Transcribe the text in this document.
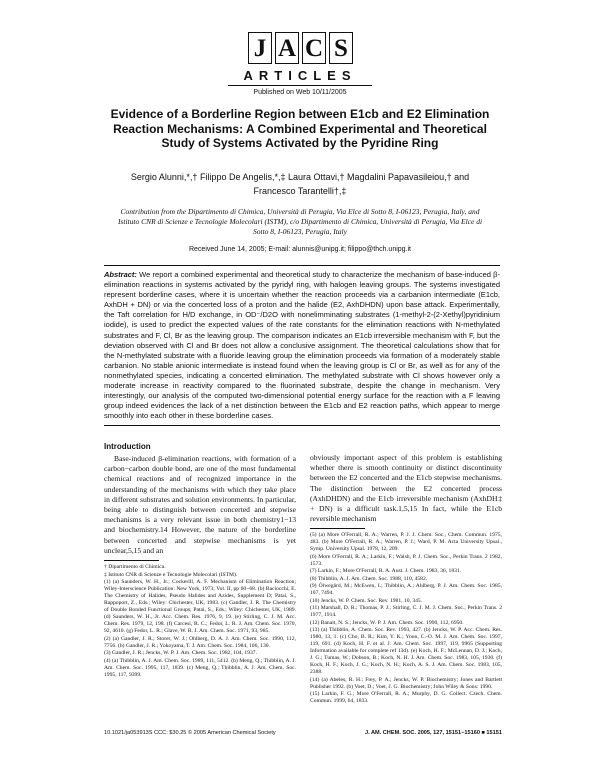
J A C S
ARTICLES
Published on Web 10/11/2005
Evidence of a Borderline Region between E1cb and E2 Elimination Reaction Mechanisms: A Combined Experimental and Theoretical Study of Systems Activated by the Pyridine Ring
Sergio Alunni,*,† Filippo De Angelis,*,‡ Laura Ottavi,† Magdalini Papavasileiou,† and
Francesco Tarantelli†,‡
Contribution from the Dipartimento di Chimica, Università di Perugia, Via Elce di Sotto 8, I-06123, Perugia, Italy, and Istituto CNR di Scienze e Tecnologie Molecolari (ISTM), c/o Dipartimento di Chimica, Università di Perugia, Via Elce di Sotto 8, I-06123, Perugia, Italy
Received June 14, 2005; E-mail: alunnis@unipg.it; filippo@thch.unipg.it
Abstract: We report a combined experimental and theoretical study to characterize the mechanism of base-induced β-elimination reactions in systems activated by the pyridyl ring, with halogen leaving groups. The systems investigated represent borderline cases, where it is uncertain whether the reaction proceeds via a carbanion intermediate (E1cb, AxhDH + DN) or via the concerted loss of a proton and the halide (E2, AxhDHDN) upon base attack. Experimentally, the Taft correlation for H/D exchange, in OD⁻/D2O with nonelimminating substrates (1-methyl-2-(2-Xethyl)pyridinium iodide), is used to predict the expected values of the rate constants for the elimination reactions with N-methylated substrates and F, Cl, Br as the leaving group. The comparison indicates an E1cb irreversible mechanism with F, but the deviation observed with Cl and Br does not allow a conclusive assignment. The theoretical calculations show that for the N-methylated substrate with a fluoride leaving group the elimination proceeds via formation of a moderately stable carbanion. No stable anionic intermediate is instead found when the leaving group is Cl or Br, as well as for any of the nonmethylated species, indicating a concerted elimination. The methylated substrate with Cl shows however only a moderate increase in reactivity compared to the fluorinated substrate, despite the change in mechanism. Very interestingly, our analysis of the computed two-dimensional potential energy surface for the reaction with a F leaving group indeed evidences the lack of a net distinction between the E1cb and E2 reaction paths, which appear to merge smoothly into each other in these borderline cases.
Introduction

Base-induced β-elimination reactions, with formation of a carbon−carbon double bond, are one of the most fundamental chemical reactions and of recognized importance in the understanding of the mechanisms with which they take place in different substrates and solution environments. In particular, being able to distinguish between concerted and stepwise mechanisms is a very relevant issue in both chemistry1−13 and biochemistry.14 However, the nature of the borderline between concerted and stepwise mechanisms is yet unclear,5,15 and an

† Dipartimento di Chimica.

‡ Istituto CNR di Scienze e Tecnologie Molecolari (ISTM).

(1) (a) Saunders, W. H., Jr.; Cockerill, A. F. Mechanism of Elimination Reaction; Wiley-Interscience Publication: New York, 1973; Vol. II, pp 60−68. (b) Baciocchi, E. The Chemistry of Halides, Pseudo Halides and Azides, Supplement D; Patai, S., Rappoport, Z., Eds.; Wiley: Chichester, UK, 1983. (c) Gandler, J. R. The Chemistry of Double Bonded Functional Groups; Patai, S., Eds.; Wiley: Chichester, UK, 1989. (d) Saunders, W. H., Jr. Acc. Chem. Res. 1976, 9, 19. (e) Stirling, C. J. M. Acc. Chem. Res. 1979, 12, 198. (f) Carcesi, R. C.; Fedor, L. R. J. Am. Chem. Soc. 1970, 92, 4610. (g) Fedor, L. R.; Glave, W. R. J. Am. Chem. Soc. 1971, 93, 985.

(2) (a) Gandler, J. R.; Storer, W. J.; Ohlberg, D. A. J. Am. Chem. Soc. 1990, 112, 7756. (b) Gandler, J. R.; Yokoyama, T. J. Am. Chem. Soc. 1984, 106, 130.

(3) Gandler, J. R.; Jencks, W. P. J. Am. Chem. Soc. 1982, 104, 1937.

(4) (a) Thibblin, A. J. Am. Chem. Soc. 1989, 111, 5412. (b) Meng, Q.; Thibblin, A. J. Am. Chem. Soc. 1995, 117, 1839. (c) Meng, Q.; Thibblin, A. J. Am. Chem. Soc. 1995, 117, 9399.

obviously important aspect of this problem is establishing whether there is smooth continuity or distinct discontinuity between the E2 concerted and the E1cb stepwise mechanisms. The distinction between the E2 concerted process (AxhDHDN) and the E1cb irreversible mechanism (AxhDH‡ + DN) is a difficult task.1,5,15 In fact, while the E1cb reversible mechanism

(5) (a) More O'Ferrall, R. A.; Warren, P. J. J. Chem. Soc., Chem. Commun. 1975, 483. (b) More O'Ferrall, R. A.; Warren, P. J.; Ward, P. M. Acta University Upsal., Symp. University Upsal. 1978, 12, 209.

(6) More O'Ferrall, R. A.; Larkin, F.; Walsh, P. J. Chem. Soc., Perkin Trans. 2 1982, 1573.

(7) Larkin, F.; More O'Ferrall, R. A. Aust. J. Chem. 1983, 36, 1831.

(8) Thibblin, A. J. Am. Chem. Soc. 1988, 110, 4582.

(9) Ölwegård, M.; McEwen, I.; Thibblin, A.; Ahlberg, P. J. Am. Chem. Soc. 1985, 107, 7494.

(10) Jencks, W. P. Chem. Soc. Rev. 1981, 10, 345.

(11) Marshall, D. R.; Thomas, P. J.; Stirling, C. J. M. J. Chem. Soc., Perkin Trans. 2 1977, 1914.

(12) Banait, N. S.; Jencks, W. P. J. Am. Chem. Soc. 1990, 112, 6950.

(13) (a) Thibblin, A. Chem. Soc. Rev. 1993, 427. (b) Jencks, W. P. Acc. Chem. Res. 1980, 13, 1. (c) Cho, B. R.; Kim, Y. K.; Yoon, C.-O. M. J. Am. Chem. Soc. 1997, 119, 691. (d) Koch, H. F. et al. J. Am. Chem. Soc. 1997, 119, 9965 (Supporting Information available for complete ref 13d). (e) Koch, H. F.; McLennan, D. J.; Koch, J. G.; Tumas, W.; Dobson, B.; Koch, N. H. J. Am. Chem. Soc. 1983, 105, 1930. (f) Koch, H. F.; Koch, J. G.; Koch, N. H.; Koch, A. S. J. Am. Chem. Soc. 1983, 105, 2388.

(14) (a) Abeles, R. H.; Frey, P. A.; Jencks, W. P. Biochemistry; Jones and Bartlett Publisher 1992. (b) Voet, D.; Voet, J. G. Biochemistry; John Wiley & Sons: 1990.

(15) Larkin, F. G.; More O'Ferrall, R. A.; Murphy, D. G. Collect. Czech. Chem. Commun. 1999, 64, 1833.

10.1021/ja053913S CCC: $30.25 © 2005 American Chemical Society	J. AM. CHEM. SOC. 2005, 127, 15151−15160 ■ 15151
